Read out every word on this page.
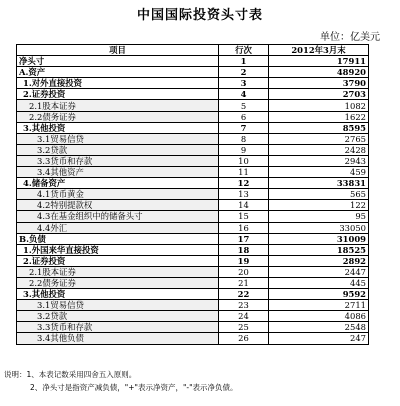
中国国际投资头寸表
单位：亿美元
项目	行次	2012年3月末
净头寸	1	17911
A.资产	2	48920
1.对外直接投资	3	3790
2.证券投资	4	2703
2.1股本证券	5	1082
2.2债务证券	6	1622
3.其他投资	7	8595
3.1贸易信贷	8	2765
3.2贷款	9	2428
3.3货币和存款	10	2943
3.4其他资产	11	459
4.储备资产	12	33831
4.1货币黄金	13	565
4.2特别提款权	14	122
4.3在基金组织中的储备头寸	15	95
4.4外汇	16	33050
B.负债	17	31009
1.外国来华直接投资	18	18525
2.证券投资	19	2892
2.1股本证券	20	2447
2.2债务证券	21	445
3.其他投资	22	9592
3.1贸易信贷	23	2711
3.2贷款	24	4086
3.3货币和存款	25	2548
3.4其他负债	26	247
说明：1、本表记数采用四舍五入原则。
2、净头寸是指资产减负债，"+"表示净资产，"-"表示净负债。
